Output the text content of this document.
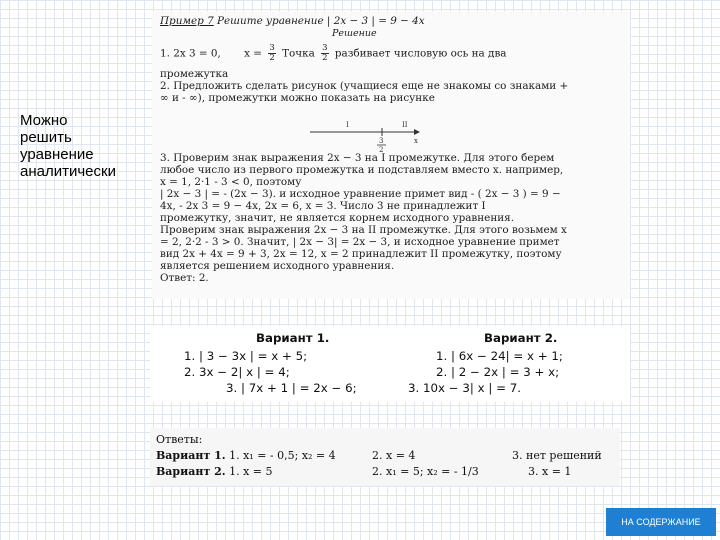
Можно
решить
уравнение
аналитически
Пример 7 Решите уравнение | 2х − 3 | = 9 − 4х
Решение
1. 2х 3 = 0, $х = \frac{3}{2}$ Точка $\frac{3}{2}$ разбивает числовую ось на два
промежутка
2. Предложить сделать рисунок (учащиеся еще не знакомы со знаками +
∞ и - ∞), промежутки можно показать на рисунке
I	II
3
2
x
3. Проверим знак выражения 2х − 3 на I промежутке. Для этого берем
любое число из первого промежутка и подставляем вместо х. например,
х = 1, 2·1 - 3 < 0, поэтому
| 2х − 3 | = - (2х − 3). и исходное уравнение примет вид - ( 2х − 3 ) = 9 −
4х, - 2х 3 = 9 − 4х, 2х = 6, х = 3. Число 3 не принадлежит I
промежутку, значит, не является корнем исходного уравнения.
Проверим знак выражения 2х − 3 на II промежутке. Для этого возьмем х
= 2, 2·2 - 3 > 0. Значит, | 2х − 3| = 2х − 3, и исходное уравнение примет
вид 2х + 4х = 9 + 3, 2х = 12, х = 2 принадлежит II промежутку, поэтому
является решением исходного уравнения.
Ответ: 2.
Вариант 1.
1. | 3 − 3х | = х + 5;
2. 3х − 2| х | = 4;
3. | 7х + 1 | = 2х − 6;
Вариант 2.
1. | 6х − 24| = х + 1;
2. | 2 − 2х | = 3 + х;
3. 10х − 3| х | = 7.
Ответы:
Вариант 1. 1. x₁ = - 0,5; x₂ = 4	2. x = 4	3. нет решений
Вариант 2. 1. x = 5	2. x₁ = 5; x₂ = - 1/3	3. x = 1
НА СОДЕРЖАНИЕ
